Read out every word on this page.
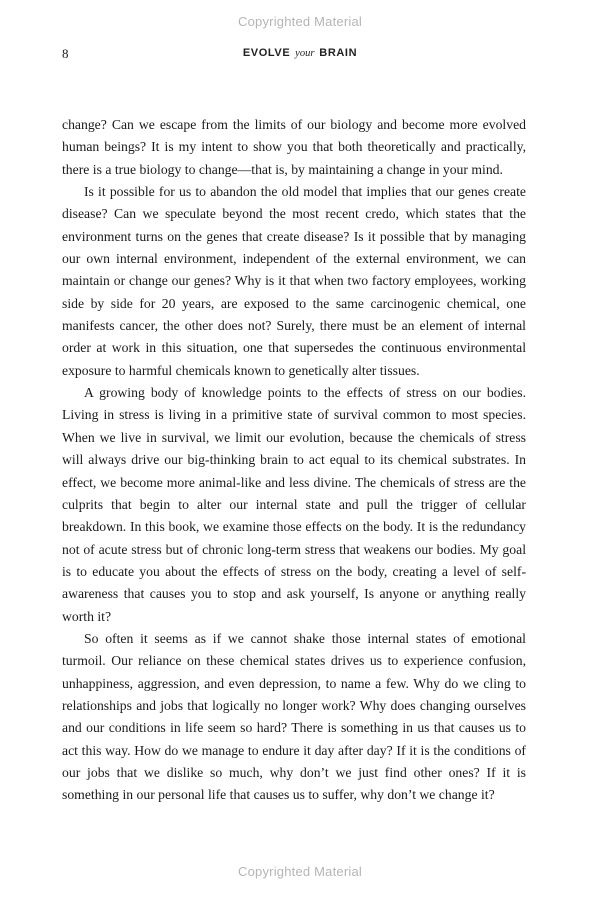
Copyrighted Material
8	EVOLVE your BRAIN

change? Can we escape from the limits of our biology and become more evolved human beings? It is my intent to show you that both theoretically and practically, there is a true biology to change—that is, by maintaining a change in your mind.

Is it possible for us to abandon the old model that implies that our genes create disease? Can we speculate beyond the most recent credo, which states that the environment turns on the genes that create disease? Is it possible that by managing our own internal environment, independent of the external environment, we can maintain or change our genes? Why is it that when two factory employees, working side by side for 20 years, are exposed to the same carcinogenic chemical, one manifests cancer, the other does not? Surely, there must be an element of internal order at work in this situation, one that supersedes the continuous environmental exposure to harmful chemicals known to genetically alter tissues.

A growing body of knowledge points to the effects of stress on our bodies. Living in stress is living in a primitive state of survival common to most species. When we live in survival, we limit our evolution, because the chemicals of stress will always drive our big-thinking brain to act equal to its chemical substrates. In effect, we become more animal-like and less divine. The chemicals of stress are the culprits that begin to alter our internal state and pull the trigger of cellular breakdown. In this book, we examine those effects on the body. It is the redundancy not of acute stress but of chronic long-term stress that weakens our bodies. My goal is to educate you about the effects of stress on the body, creating a level of self-awareness that causes you to stop and ask yourself, Is anyone or anything really worth it?

So often it seems as if we cannot shake those internal states of emotional turmoil. Our reliance on these chemical states drives us to experience confusion, unhappiness, aggression, and even depression, to name a few. Why do we cling to relationships and jobs that logically no longer work? Why does changing ourselves and our conditions in life seem so hard? There is something in us that causes us to act this way. How do we manage to endure it day after day? If it is the conditions of our jobs that we dislike so much, why don’t we just find other ones? If it is something in our personal life that causes us to suffer, why don’t we change it?

Copyrighted Material
